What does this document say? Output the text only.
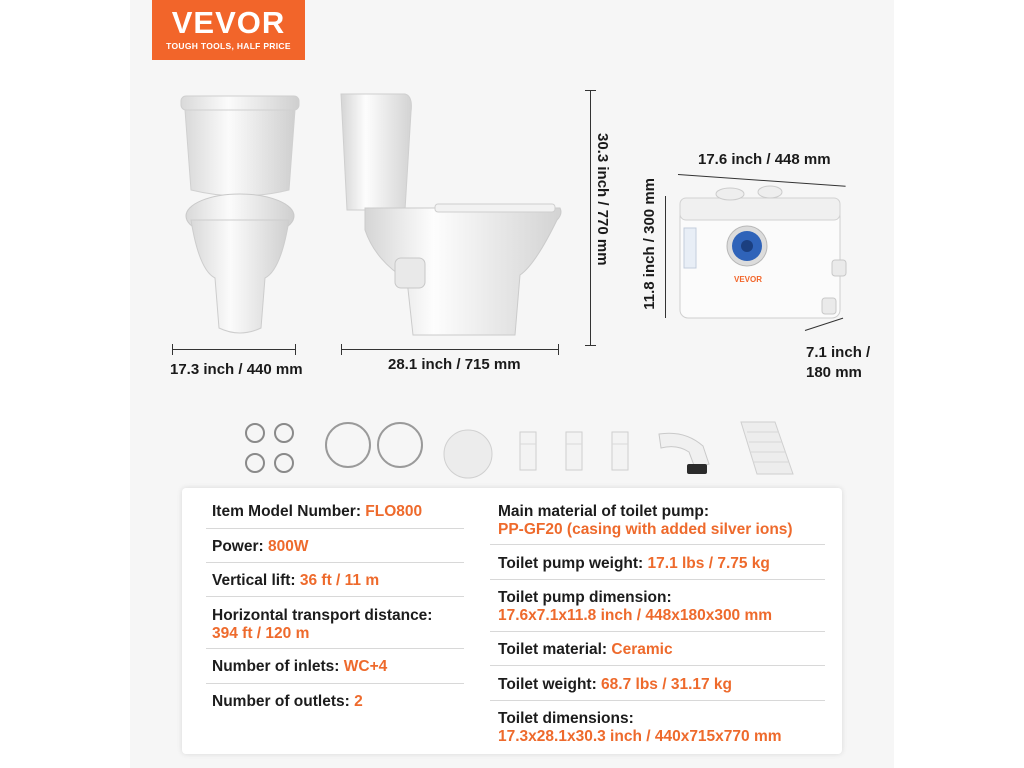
VEVOR
TOUGH TOOLS, HALF PRICE
17.3 inch / 440 mm	28.1 inch / 715 mm
30.3 inch / 770 mm
VEVOR
17.6 inch / 448 mm
11.8 inch / 300 mm
7.1 inch /
180 mm

Item Model Number: FLO800
Power: 800W
Vertical lift: 36 ft / 11 m
Horizontal transport distance:
394 ft / 120 m
Number of inlets: WC+4
Number of outlets: 2
Main material of toilet pump:
PP-GF20 (casing with added silver ions)
Toilet pump weight: 17.1 lbs / 7.75 kg
Toilet pump dimension:
17.6x7.1x11.8 inch / 448x180x300 mm
Toilet material: Ceramic
Toilet weight: 68.7 lbs / 31.17 kg
Toilet dimensions:
17.3x28.1x30.3 inch / 440x715x770 mm
